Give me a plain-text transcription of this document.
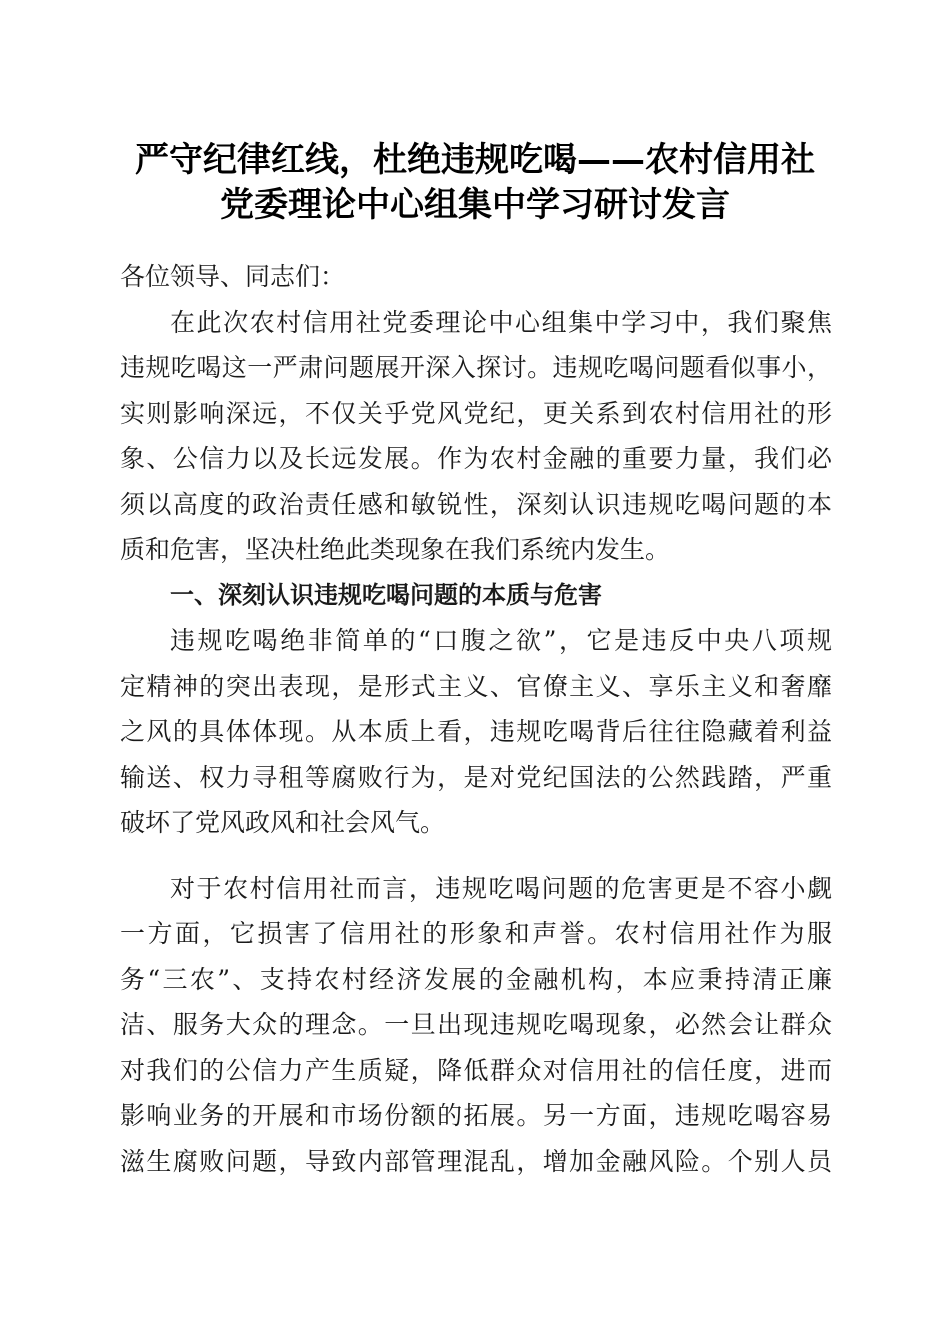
严守纪律红线，杜绝违规吃喝——农村信用社
党委理论中心组集中学习研讨发言
各位领导、同志们：
在此次农村信用社党委理论中心组集中学习中，我们聚焦
违规吃喝这一严肃问题展开深入探讨。违规吃喝问题看似事小，
实则影响深远，不仅关乎党风党纪，更关系到农村信用社的形
象、公信力以及长远发展。作为农村金融的重要力量，我们必
须以高度的政治责任感和敏锐性，深刻认识违规吃喝问题的本
质和危害，坚决杜绝此类现象在我们系统内发生。
一、深刻认识违规吃喝问题的本质与危害
违规吃喝绝非简单的“口腹之欲”，它是违反中央八项规
定精神的突出表现，是形式主义、官僚主义、享乐主义和奢靡
之风的具体体现。从本质上看，违规吃喝背后往往隐藏着利益
输送、权力寻租等腐败行为，是对党纪国法的公然践踏，严重
破坏了党风政风和社会风气。
对于农村信用社而言，违规吃喝问题的危害更是不容小觑
一方面，它损害了信用社的形象和声誉。农村信用社作为服
务“三农”、支持农村经济发展的金融机构，本应秉持清正廉
洁、服务大众的理念。一旦出现违规吃喝现象，必然会让群众
对我们的公信力产生质疑，降低群众对信用社的信任度，进而
影响业务的开展和市场份额的拓展。另一方面，违规吃喝容易
滋生腐败问题，导致内部管理混乱，增加金融风险。个别人员
